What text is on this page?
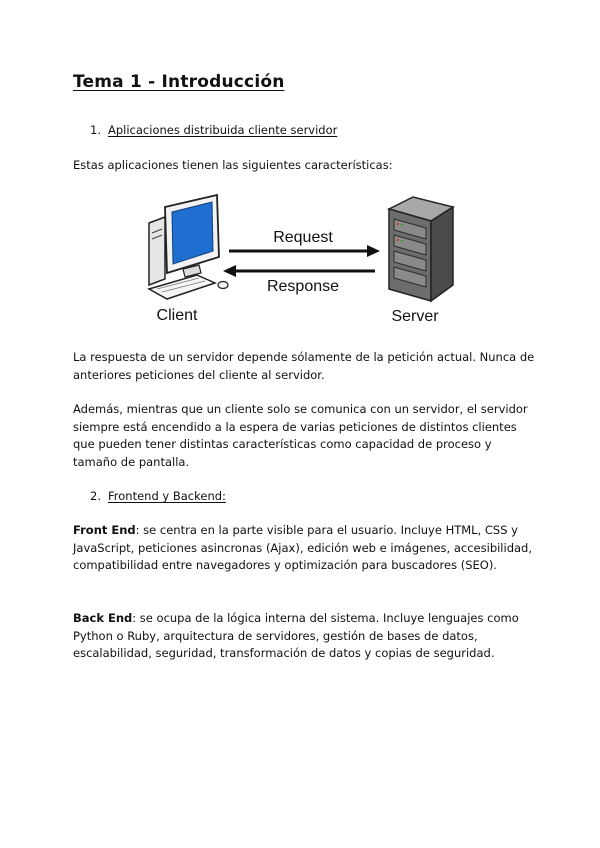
Tema 1 - Introducción
1. Aplicaciones distribuida cliente servidor

Estas aplicaciones tienen las siguientes características:

Request
Response
Client	Server

La respuesta de un servidor depende sólamente de la petición actual. Nunca de anteriores peticiones del cliente al servidor.

Además, mientras que un cliente solo se comunica con un servidor, el servidor siempre está encendido a la espera de varias peticiones de distintos clientes que pueden tener distintas características como capacidad de proceso y tamaño de pantalla.

2. Frontend y Backend:

Front End: se centra en la parte visible para el usuario. Incluye HTML, CSS y JavaScript, peticiones asincronas (Ajax), edición web e imágenes, accesibilidad, compatibilidad entre navegadores y optimización para buscadores (SEO).

Back End: se ocupa de la lógica interna del sistema. Incluye lenguajes como Python o Ruby, arquitectura de servidores, gestión de bases de datos, escalabilidad, seguridad, transformación de datos y copias de seguridad.
